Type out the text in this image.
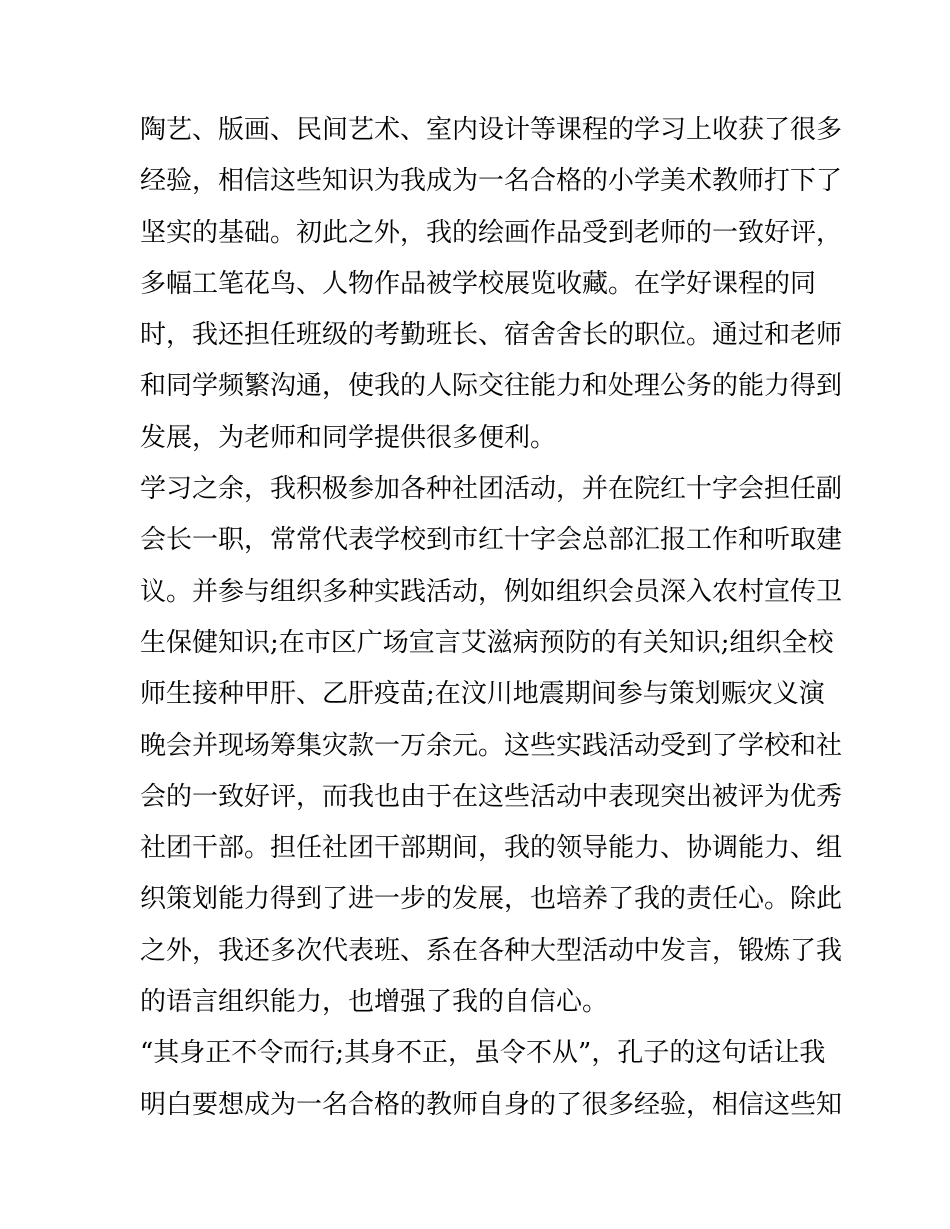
陶艺、版画、民间艺术、室内设计等课程的学习上收获了很多
经验，相信这些知识为我成为一名合格的小学美术教师打下了
坚实的基础。初此之外，我的绘画作品受到老师的一致好评，
多幅工笔花鸟、人物作品被学校展览收藏。在学好课程的同
时，我还担任班级的考勤班长、宿舍舍长的职位。通过和老师
和同学频繁沟通，使我的人际交往能力和处理公务的能力得到
发展，为老师和同学提供很多便利。
学习之余，我积极参加各种社团活动，并在院红十字会担任副
会长一职，常常代表学校到市红十字会总部汇报工作和听取建
议。并参与组织多种实践活动，例如组织会员深入农村宣传卫
生保健知识;在市区广场宣言艾滋病预防的有关知识;组织全校
师生接种甲肝、乙肝疫苗;在汶川地震期间参与策划赈灾义演
晚会并现场筹集灾款一万余元。这些实践活动受到了学校和社
会的一致好评，而我也由于在这些活动中表现突出被评为优秀
社团干部。担任社团干部期间，我的领导能力、协调能力、组
织策划能力得到了进一步的发展，也培养了我的责任心。除此
之外，我还多次代表班、系在各种大型活动中发言，锻炼了我
的语言组织能力，也增强了我的自信心。
“其身正不令而行;其身不正，虽令不从”，孔子的这句话让我
明白要想成为一名合格的教师自身的了很多经验，相信这些知
